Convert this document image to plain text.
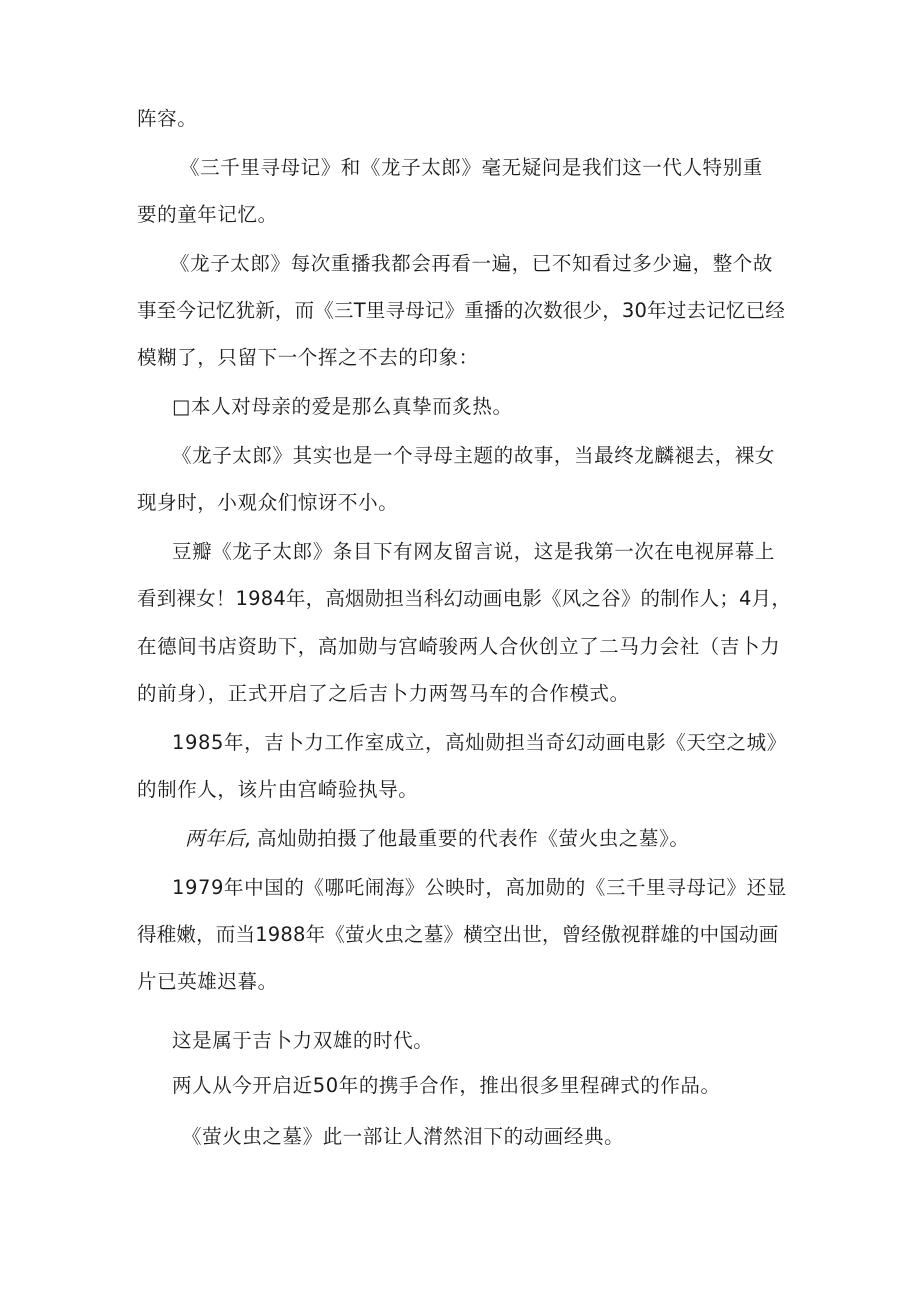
阵容。
《三千里寻母记》和《龙子太郎》毫无疑问是我们这一代人特别重
要的童年记忆。
《龙子太郎》每次重播我都会再看一遍，已不知看过多少遍，整个故
事至今记忆犹新，而《三T里寻母记》重播的次数很少，30年过去记忆已经
模糊了，只留下一个挥之不去的印象：
□本人对母亲的爱是那么真挚而炙热。
《龙子太郎》其实也是一个寻母主题的故事，当最终龙麟褪去，裸女
现身时，小观众们惊讶不小。
豆瓣《龙子太郎》条目下有网友留言说，这是我第一次在电视屏幕上
看到裸女！1984年，高烟勋担当科幻动画电影《风之谷》的制作人；4月，
在德间书店资助下，高加勋与宫崎骏两人合伙创立了二马力会社（吉卜力
的前身），正式开启了之后吉卜力两驾马车的合作模式。
1985年，吉卜力工作室成立，高灿勋担当奇幻动画电影《天空之城》
的制作人，该片由宫崎验执导。
两年后, 高灿勋拍摄了他最重要的代表作《萤火虫之墓》。
1979年中国的《哪吒闹海》公映时，高加勋的《三千里寻母记》还显
得稚嫩，而当1988年《萤火虫之墓》横空出世，曾经傲视群雄的中国动画
片已英雄迟暮。
这是属于吉卜力双雄的时代。
两人从今开启近50年的携手合作，推出很多里程碑式的作品。
《萤火虫之墓》此一部让人潸然泪下的动画经典。
